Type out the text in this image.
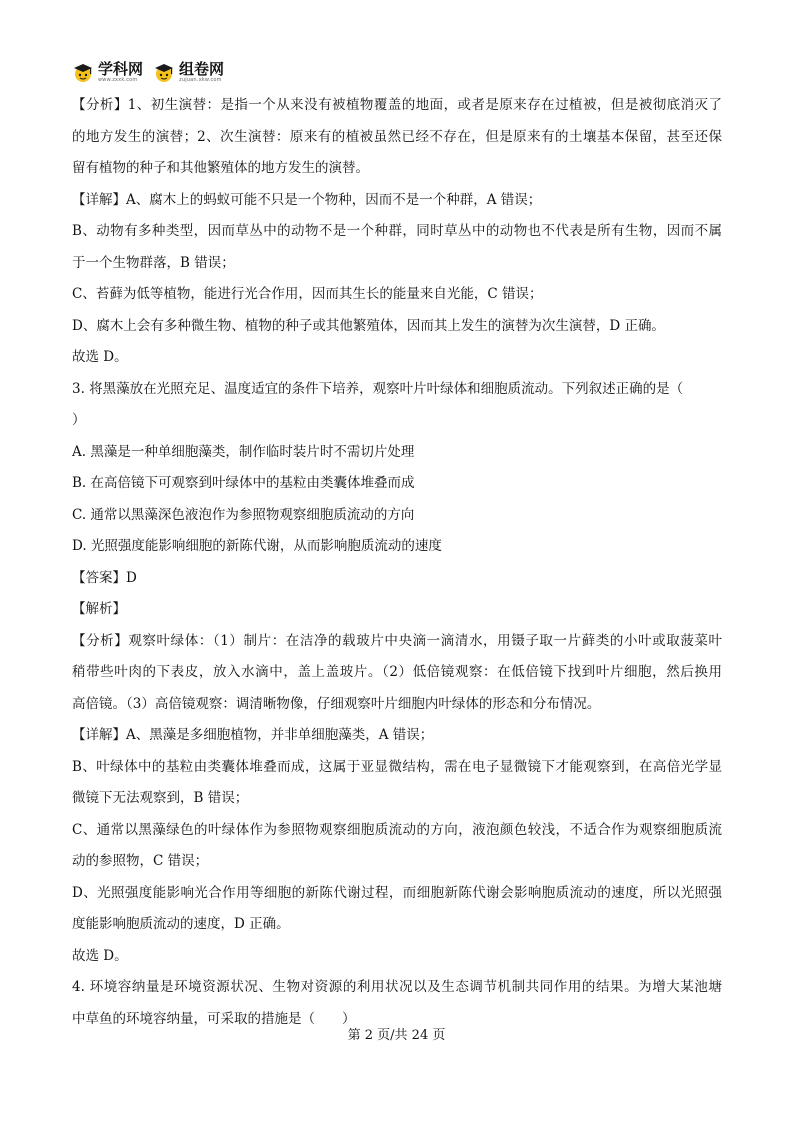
学科网
www.zxxk.com
组卷网
zujuan.xkw.com
【分析】1、初生演替：是指一个从来没有被植物覆盖的地面，或者是原来存在过植被，但是被彻底消灭了
的地方发生的演替；2、次生演替：原来有的植被虽然已经不存在，但是原来有的土壤基本保留，甚至还保
留有植物的种子和其他繁殖体的地方发生的演替。
【详解】A、腐木上的蚂蚁可能不只是一个物种，因而不是一个种群，A 错误；
B、动物有多种类型，因而草丛中的动物不是一个种群，同时草丛中的动物也不代表是所有生物，因而不属
于一个生物群落，B 错误；
C、苔藓为低等植物，能进行光合作用，因而其生长的能量来自光能，C 错误；
D、腐木上会有多种微生物、植物的种子或其他繁殖体，因而其上发生的演替为次生演替，D 正确。
故选 D。
3. 将黑藻放在光照充足、温度适宜的条件下培养，观察叶片叶绿体和细胞质流动。下列叙述正确的是（
）
A. 黑藻是一种单细胞藻类，制作临时装片时不需切片处理
B. 在高倍镜下可观察到叶绿体中的基粒由类囊体堆叠而成
C. 通常以黑藻深色液泡作为参照物观察细胞质流动的方向
D. 光照强度能影响细胞的新陈代谢，从而影响胞质流动的速度
【答案】D
【解析】
【分析】观察叶绿体：（1）制片：在洁净的载玻片中央滴一滴清水，用镊子取一片藓类的小叶或取菠菜叶
稍带些叶肉的下表皮，放入水滴中，盖上盖玻片。（2）低倍镜观察：在低倍镜下找到叶片细胞，然后换用
高倍镜。（3）高倍镜观察：调清晰物像，仔细观察叶片细胞内叶绿体的形态和分布情况。
【详解】A、黑藻是多细胞植物，并非单细胞藻类，A 错误；
B、叶绿体中的基粒由类囊体堆叠而成，这属于亚显微结构，需在电子显微镜下才能观察到，在高倍光学显
微镜下无法观察到，B 错误；
C、通常以黑藻绿色的叶绿体作为参照物观察细胞质流动的方向，液泡颜色较浅，不适合作为观察细胞质流
动的参照物，C 错误；
D、光照强度能影响光合作用等细胞的新陈代谢过程，而细胞新陈代谢会影响胞质流动的速度，所以光照强
度能影响胞质流动的速度，D 正确。
故选 D。
4. 环境容纳量是环境资源状况、生物对资源的利用状况以及生态调节机制共同作用的结果。为增大某池塘
中草鱼的环境容纳量，可采取的措施是（　　）
第 2 页/共 24 页
